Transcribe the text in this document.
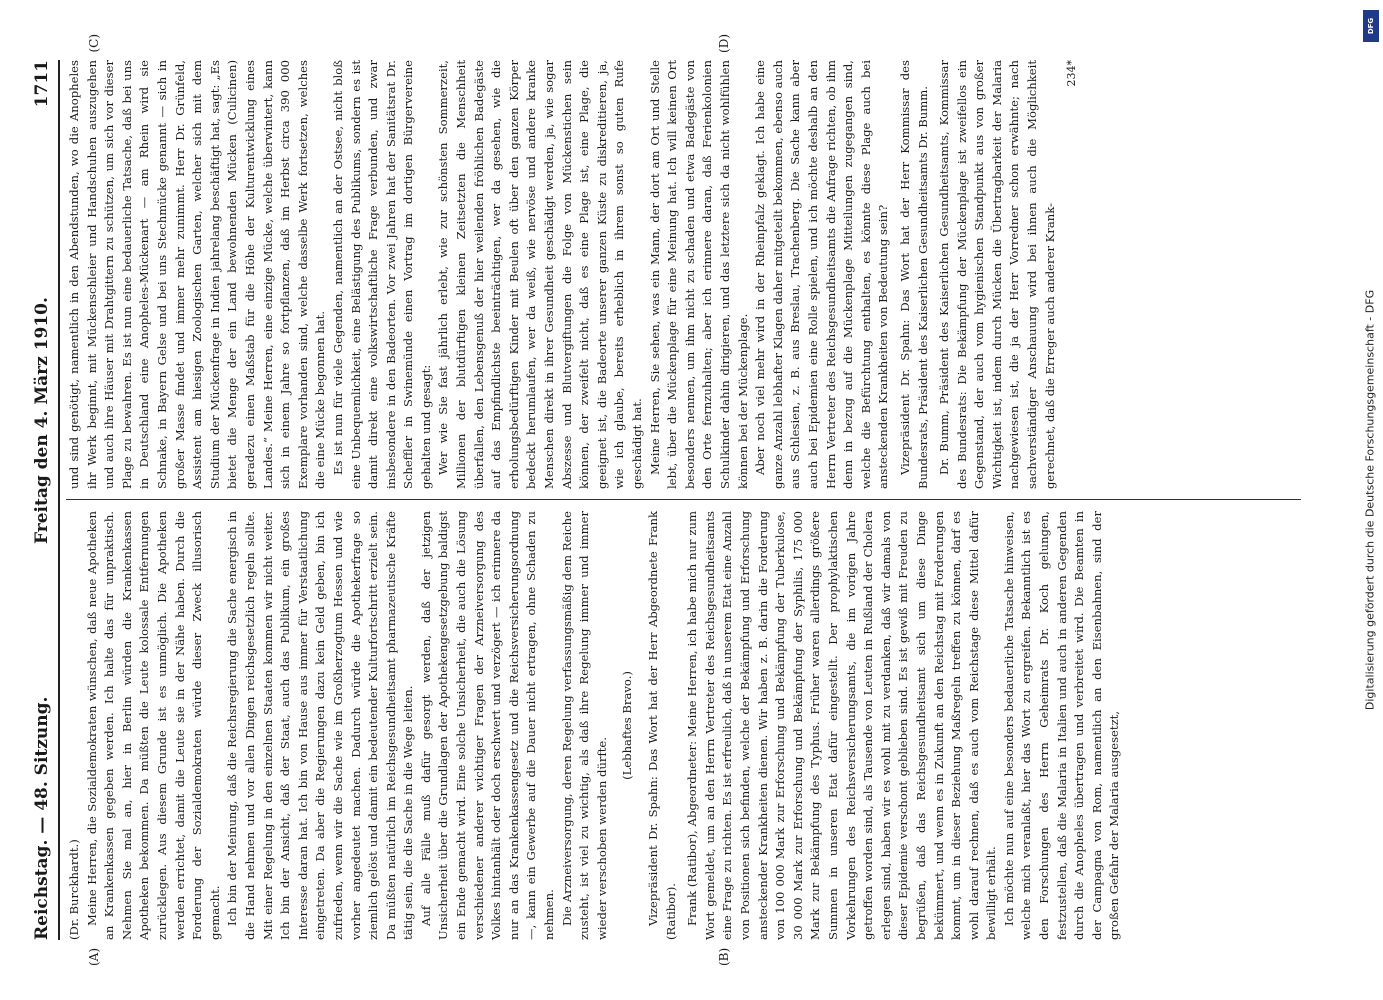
Reichstag. — 48. Sitzung.
Freitag den 4. März 1910.
1711
(A)	(B)

(Dr. Burckhardt.) Meine Herren, die Sozialdemokraten wünschen, daß neue Apotheken an Krankenkassen gegeben werden. Ich halte das für unpraktisch. Nehmen Sie mal an, hier in Berlin würden die Krankenkassen Apotheken bekommen. Da müßten die Leute kolossale Entfernungen zurücklegen. Aus diesem Grunde ist es unmöglich. Die Apotheken werden errichtet, damit die Leute sie in der Nähe haben. Durch die Forderung der Sozialdemokraten würde dieser Zweck illusorisch gemacht. Ich bin der Meinung, daß die Reichsregierung die Sache energisch in die Hand nehmen und vor allen Dingen reichsgesetzlich regeln sollte. Mit einer Regelung in den einzelnen Staaten kommen wir nicht weiter. Ich bin der Ansicht, daß der Staat, auch das Publikum, ein großes Interesse daran hat. Ich bin von Hause aus immer für Verstaatlichung eingetreten. Da aber die Regierungen dazu kein Geld geben, bin ich zufrieden, wenn wir die Sache wie im Großherzogtum Hessen und wie vorher angedeutet machen. Dadurch würde die Apothekerfrage so ziemlich gelöst und damit ein bedeutender Kulturfortschritt erzielt sein. Da müßten natürlich im Reichsgesundheitsamt pharmazeutische Kräfte tätig sein, die die Sache in die Wege leiten. Auf alle Fälle muß dafür gesorgt werden, daß der jetzigen Unsicherheit über die Grundlagen der Apothekengesetzgebung baldigst ein Ende gemacht wird. Eine solche Unsicherheit, die auch die Lösung verschiedener anderer wichtiger Fragen der Arzneiversorgung des Volkes hintanhält oder doch erschwert und verzögert — ich erinnere da nur an das Krankenkassengesetz und die Reichsversicherungsordnung —, kann ein Gewerbe auf die Dauer nicht ertragen, ohne Schaden zu nehmen. Die Arzneiversorgung, deren Regelung verfassungsmäßig dem Reiche zusteht, ist viel zu wichtig, als daß ihre Regelung immer und immer wieder verschoben werden dürfte.

(Lebhaftes Bravo.) Vizepräsident Dr. Spahn: Das Wort hat der Herr Abgeordnete Frank (Ratibor). Frank (Ratibor), Abgeordneter: Meine Herren, ich habe mich nur zum Wort gemeldet, um an den Herrn Vertreter des Reichsgesundheitsamts eine Frage zu richten. Es ist erfreulich, daß in unserem Etat eine Anzahl von Positionen sich befinden, welche der Bekämpfung und Erforschung ansteckender Krankheiten dienen. Wir haben z. B. darin die Forderung von 100 000 Mark zur Erforschung und Bekämpfung der Tuberkulose, 30 000 Mark zur Erforschung und Bekämpfung der Syphilis, 175 000 Mark zur Bekämpfung des Typhus. Früher waren allerdings größere Summen in unseren Etat dafür eingestellt. Der prophylaktischen Vorkehrungen des Reichsversicherungsamts, die im vorigen Jahre getroffen worden sind, als Tausende von Leuten in Rußland der Cholera erlegen sind, haben wir es wohl mit zu verdanken, daß wir damals von dieser Epidemie verschont geblieben sind. Es ist gewiß mit Freuden zu begrüßen, daß das Reichsgesundheitsamt sich um diese Dinge bekümmert, und wenn es in Zukunft an den Reichstag mit Forderungen kommt, um in dieser Beziehung Maßregeln treffen zu können, darf es wohl darauf rechnen, daß es auch vom Reichstage diese Mittel dafür bewilligt erhält. Ich möchte nun auf eine besonders bedauerliche Tatsache hinweisen, welche mich veranlaßt, hier das Wort zu ergreifen. Bekanntlich ist es den Forschungen des Herrn Geheimrats Dr. Koch gelungen, festzustellen, daß die Malaria in Italien und auch in anderen Gegenden durch die Anopheles übertragen und verbreitet wird. Die Beamten in der Campagna von Rom, namentlich an den Eisenbahnen, sind der großen Gefahr der Malaria ausgesetzt,

(C)	(D)

und sind genötigt, namentlich in den Abendstunden, wo die Anopheles ihr Werk beginnt, mit Mückenschleier und Handschuhen auszugehen und auch ihre Häuser mit Drahtgittern zu schützen, um sich vor dieser Plage zu bewahren. Es ist nun eine bedauerliche Tatsache, daß bei uns in Deutschland eine Anopheles-Mückenart — am Rhein wird sie Schnake, in Bayern Gelse und bei uns Stechmücke genannt — sich in großer Masse findet und immer mehr zunimmt. Herr Dr. Grünfeld, Assistent am hiesigen Zoologischen Garten, welcher sich mit dem Studium der Mückenfrage in Indien jahrelang beschäftigt hat, sagt: „Es bietet die Menge der ein Land bewohnenden Mücken (Culicinen) geradezu einen Maßstab für die Höhe der Kulturentwicklung eines Landes.“ Meine Herren, eine einzige Mücke, welche überwintert, kann sich in einem Jahre so fortpflanzen, daß im Herbst circa 390 000 Exemplare vorhanden sind, welche dasselbe Werk fortsetzen, welches die eine Mücke begonnen hat. Es ist nun für viele Gegenden, namentlich an der Ostsee, nicht bloß eine Unbequemlichkeit, eine Belästigung des Publikums, sondern es ist damit direkt eine volkswirtschaftliche Frage verbunden, und zwar insbesondere in den Badeorten. Vor zwei Jahren hat der Sanitätsrat Dr. Scheffler in Swinemünde einen Vortrag im dortigen Bürgervereine gehalten und gesagt: Wer wie Sie fast jährlich erlebt, wie zur schönsten Sommerzeit, Millionen der blutdürftigen kleinen Zeitsetzten die Menschheit überfallen, den Lebensgenuß der hier weilenden fröhlichen Badegäste auf das Empfindlichste beeinträchtigen, wer da gesehen, wie die erholungsbedürftigen Kinder mit Beulen oft über den ganzen Körper bedeckt herumlaufen, wer da weiß, wie nervöse und andere kranke Menschen direkt in ihrer Gesundheit geschädigt werden, ja, wie sogar Abszesse und Blutvergiftungen die Folge von Mückenstichen sein können, der zweifelt nicht, daß es eine Plage ist, eine Plage, die geeignet ist, die Badeorte unserer ganzen Küste zu diskreditieren, ja, wie ich glaube, bereits erheblich in ihrem sonst so guten Rufe geschädigt hat. Meine Herren, Sie sehen, was ein Mann, der dort am Ort und Stelle lebt, über die Mückenplage für eine Meinung hat. Ich will keinen Ort besonders nennen, um ihm nicht zu schaden und etwa Badegäste von den Orte fernzuhalten; aber ich erinnere daran, daß Ferienkolonien Schulkinder dahin dirigieren, und das letztere sich da nicht wohlfühlen können bei der Mückenplage. Aber noch viel mehr wird in der Rheinpfalz geklagt. Ich habe eine ganze Anzahl lebhafter Klagen daher mitgeteilt bekommen, ebenso auch aus Schlesien, z. B. aus Breslau, Trachenberg. Die Sache kann aber auch bei Epidemien eine Rolle spielen, und ich möchte deshalb an den Herrn Vertreter des Reichsgesundheitsamts die Anfrage richten, ob ihm denn in bezug auf die Mückenplage Mitteilungen zugegangen sind, welche die Befürchtung enthalten, es könnte diese Plage auch bei ansteckenden Krankheiten von Bedeutung sein? Vizepräsident Dr. Spahn: Das Wort hat der Herr Kommissar des Bundesrats, Präsident des Kaiserlichen Gesundheitsamts Dr. Bumm. Dr. Bumm, Präsident des Kaiserlichen Gesundheitsamts, Kommissar des Bundesrats: Die Bekämpfung der Mückenplage ist zweifellos ein Gegenstand, der auch vom hygienischen Standpunkt aus von großer Wichtigkeit ist, indem durch Mücken die Übertragbarkeit der Malaria nachgewiesen ist, die ja der Herr Vorredner schon erwähnte; nach sachverständiger Anschauung wird bei ihnen auch die Möglichkeit gerechnet, daß die Erreger auch anderer Krank-

234*
DFG
Digitalisierung gefördert durch die Deutsche Forschungsgemeinschaft - DFG
